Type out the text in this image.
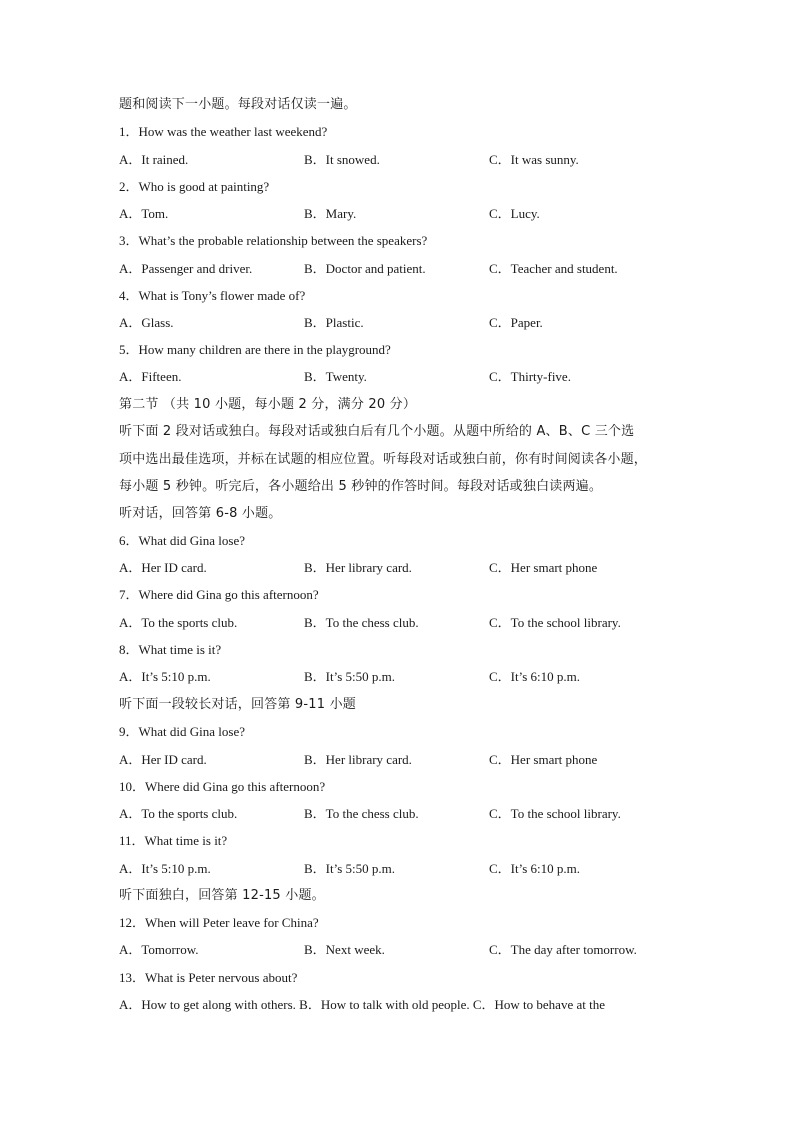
题和阅读下一小题。每段对话仅读一遍。
1．How was the weather last weekend?
A．It rained.	B．It snowed.	C．It was sunny.
2．Who is good at painting?
A．Tom.	B．Mary.	C．Lucy.
3．What’s the probable relationship between the speakers?
A．Passenger and driver.	B．Doctor and patient.	C．Teacher and student.
4．What is Tony’s flower made of?
A．Glass.	B．Plastic.	C．Paper.
5．How many children are there in the playground?
A．Fifteen.	B．Twenty.	C．Thirty-five.
第二节 （共 10 小题，每小题 2 分，满分 20 分）
听下面 2 段对话或独白。每段对话或独白后有几个小题。从题中所给的 A、B、C 三个选
项中选出最佳选项，并标在试题的相应位置。听每段对话或独白前，你有时间阅读各小题，
每小题 5 秒钟。听完后，各小题给出 5 秒钟的作答时间。每段对话或独白读两遍。
听对话，回答第 6-8 小题。
6．What did Gina lose?
A．Her ID card.	B．Her library card.	C．Her smart phone
7．Where did Gina go this afternoon?
A．To the sports club.	B．To the chess club.	C．To the school library.
8．What time is it?
A．It’s 5:10 p.m.	B．It’s 5:50 p.m.	C．It’s 6:10 p.m.
听下面一段较长对话，回答第 9-11 小题
9．What did Gina lose?
A．Her ID card.	B．Her library card.	C．Her smart phone
10．Where did Gina go this afternoon?
A．To the sports club.	B．To the chess club.	C．To the school library.
11．What time is it?
A．It’s 5:10 p.m.	B．It’s 5:50 p.m.	C．It’s 6:10 p.m.
听下面独白，回答第 12-15 小题。
12．When will Peter leave for China?
A．Tomorrow.	B．Next week.	C．The day after tomorrow.
13．What is Peter nervous about?
A．How to get along with others. B．How to talk with old people. C．How to behave at the
